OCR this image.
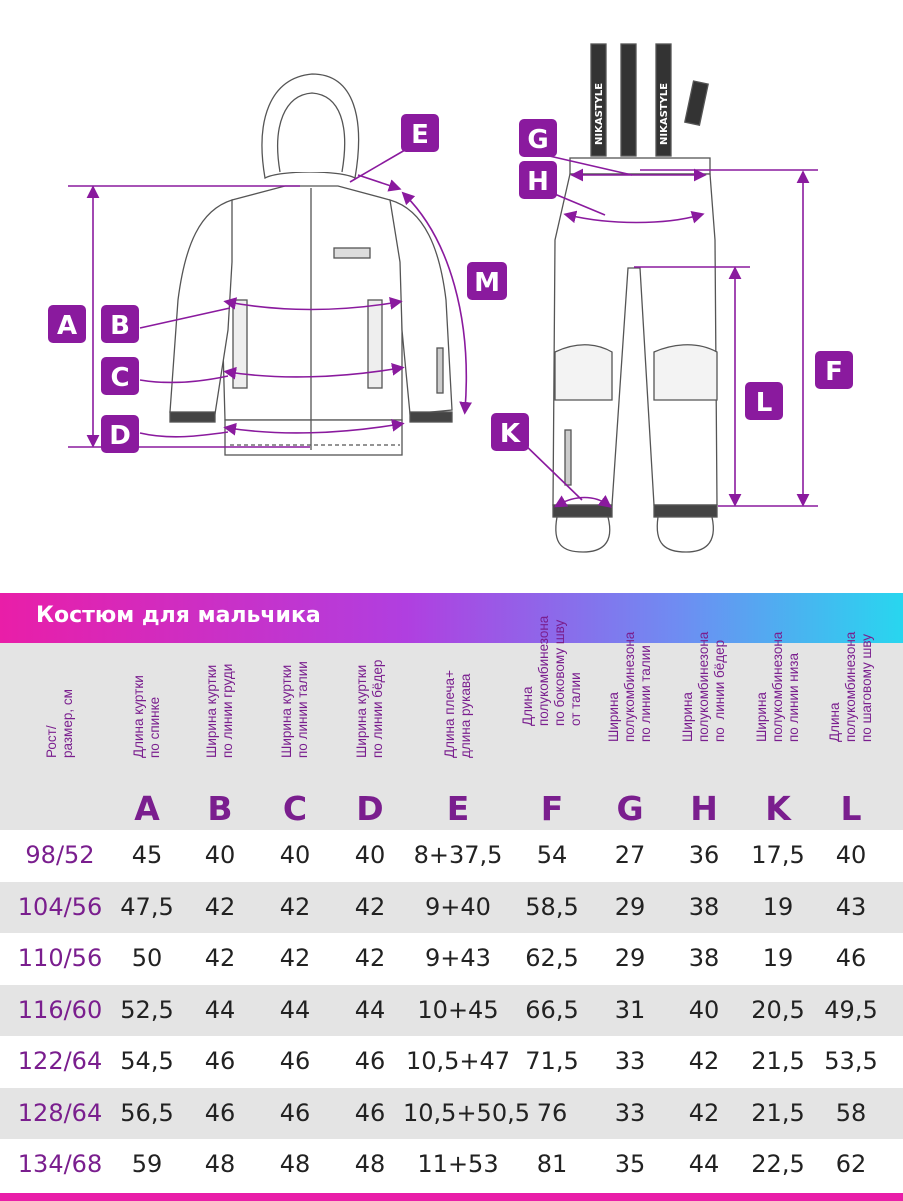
NIKASTYLE	NIKASTYLE
A B
C
D
E
M
G
H
K
L
F
Костюм для мальчика
Рост/
размер, см
Длина куртки
по спинке
A
Ширина куртки
по линии груди
B
Ширина куртки
по линии талии
C
Ширина куртки
по линии бёдер
D
Длина плеча+
длина рукава
E
Длина
полукомбинезона
по боковому шву
от талии
F
Ширина
полукомбинезона
по линии талии
G
Ширина
полукомбинезона
по  линии бёдер
H
Ширина
полукомбинезона
по линии низа
K
Длина
полукомбинезона
по шаговому шву
L
98/52	45	40	40	40	8+37,5	54	27	36	17,5	40
104/56 47,5	42	42	42	9+40	58,5	29	38	19	43
110/56	50	42	42	42	9+43	62,5	29	38	19	46
116/60 52,5	44	44	44	10+45	66,5	31	40	20,5 49,5
122/64 54,5	46	46	46 10,5+47 71,5	33	42	21,5 53,5
128/64 56,5	46	46	46 10,5+50,5 76	33	42	21,5	58
134/68	59	48	48	48	11+53	81	35	44	22,5	62
